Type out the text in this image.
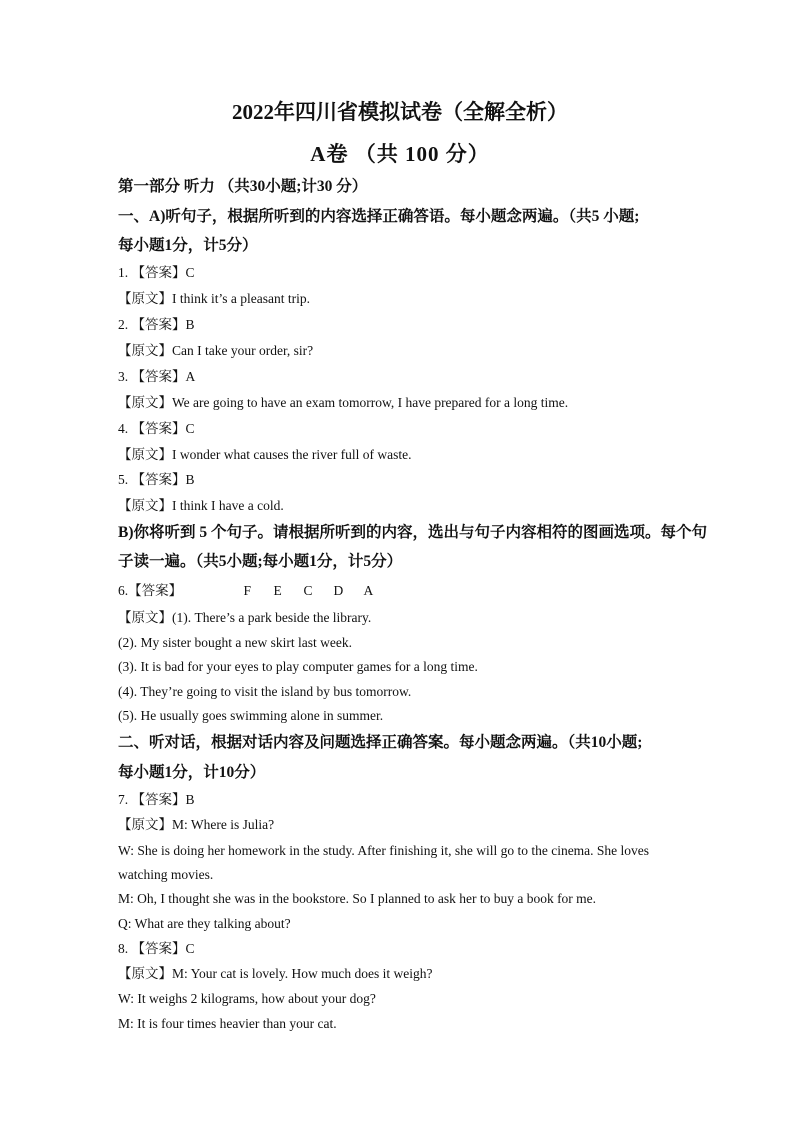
2022年四川省模拟试卷（全解全析）
A卷 （共 100 分）
第一部分 听力 （共30小题;计30 分）
一、A)听句子，根据所听到的内容选择正确答语。每小题念两遍。（共5 小题;
每小题1分，计5分）
1. 【答案】C
【原文】I think it’s a pleasant trip.
2. 【答案】B
【原文】Can I take your order, sir?
3. 【答案】A
【原文】We are going to have an exam tomorrow, I have prepared for a long time.
4. 【答案】C
【原文】I wonder what causes the river full of waste.
5. 【答案】B
【原文】I think I have a cold.
B)你将听到 5 个句子。请根据所听到的内容，选出与句子内容相符的图画选项。每个句
子读一遍。（共5小题;每小题1分，计5分）
6.【答案】	F E C D A
【原文】(1). There’s a park beside the library.
(2). My sister bought a new skirt last week.
(3). It is bad for your eyes to play computer games for a long time.
(4). They’re going to visit the island by bus tomorrow.
(5). He usually goes swimming alone in summer.
二、听对话，根据对话内容及问题选择正确答案。每小题念两遍。（共10小题;
每小题1分，计10分）
7. 【答案】B
【原文】M: Where is Julia?
W: She is doing her homework in the study. After finishing it, she will go to the cinema. She loves
watching movies.
M: Oh, I thought she was in the bookstore. So I planned to ask her to buy a book for me.
Q: What are they talking about?
8. 【答案】C
【原文】M: Your cat is lovely. How much does it weigh?
W: It weighs 2 kilograms, how about your dog?
M: It is four times heavier than your cat.
